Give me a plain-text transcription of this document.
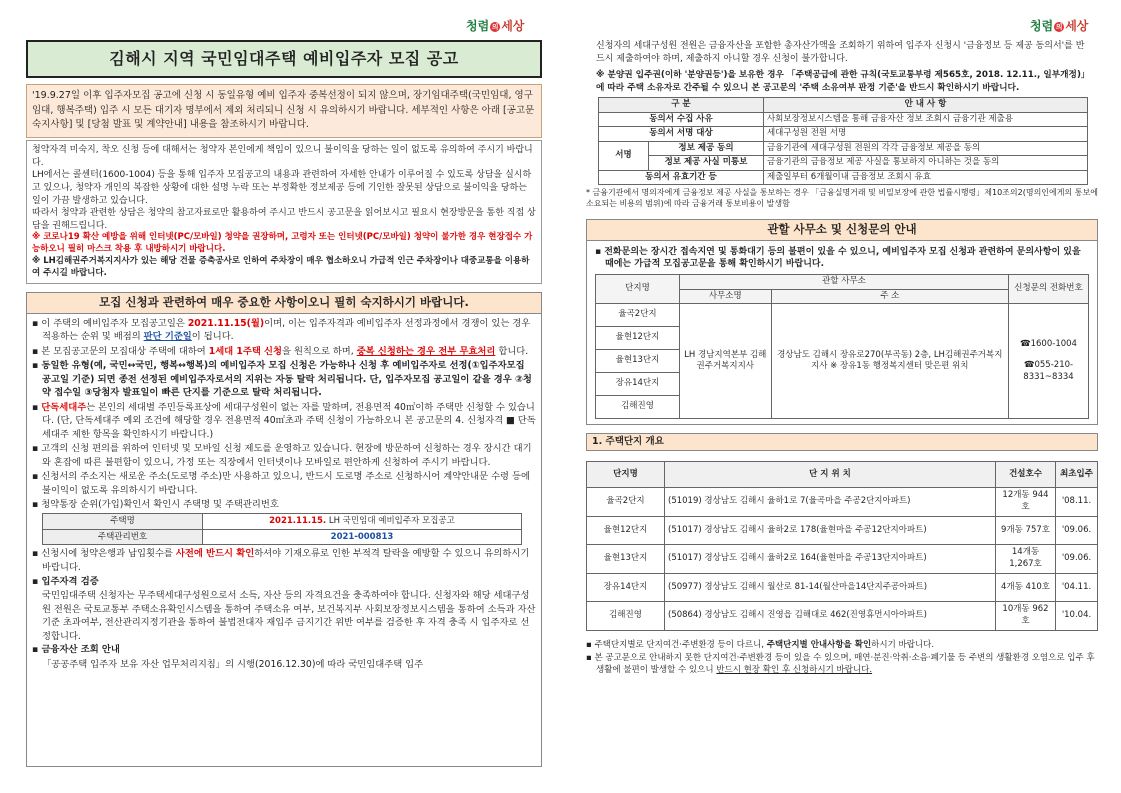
청렴 의 세상	청렴 의 세상
김해시 지역 국민임대주택 예비입주자 모집 공고
'19.9.27일 이후 입주자모집 공고에 신청 시 동일유형 예비 입주자 중복선정이 되지 않으며, 장기임대주택(국민임대, 영구임대, 행복주택) 입주 시 모든 대기자 명부에서 제외 처리되니 신청 시 유의하시기 바랍니다. 세부적인 사항은 아래 [공고문 숙지사항] 및 [당첨 발표 및 계약안내] 내용을 참조하시기 바랍니다.
청약자격 미숙지, 착오 신청 등에 대해서는 청약자 본인에게 책임이 있으니 불이익을 당하는 일이 없도록 유의하여 주시기 바랍니다.
LH에서는 콜센터(1600-1004) 등을 통해 입주자 모집공고의 내용과 관련하여 자세한 안내가 이루어질 수 있도록 상담을 실시하고 있으나, 청약자 개인의 복잡한 상황에 대한 설명 누락 또는 부정확한 정보제공 등에 기인한 잘못된 상담으로 불이익을 당하는 일이 가끔 발생하고 있습니다.
따라서 청약과 관련한 상담은 청약의 참고자료로만 활용하여 주시고 반드시 공고문을 읽어보시고 필요시 현장방문을 통한 직접 상담을 권해드립니다.
※ 코로나19 확산 예방을 위해 인터넷(PC/모바일) 청약을 권장하며, 고령자 또는 인터넷(PC/모바일) 청약이 불가한 경우 현장접수 가능하오니 필히 마스크 착용 후 내방하시기 바랍니다.
※ LH김해권주거복지지사가 있는 해당 건물 증축공사로 인하여 주차장이 매우 협소하오니 가급적 인근 주차장이나 대중교통을 이용하여 주시길 바랍니다.
모집 신청과 관련하여 매우 중요한 사항이오니 필히 숙지하시기 바랍니다.
▪ 이 주택의 예비입주자 모집공고일은 2021.11.15(월)이며, 이는 입주자격과 예비입주자 선정과정에서 경쟁이 있는 경우 적용하는 순위 및 배점의 판단 기준일이 됩니다.
▪ 본 모집공고문의 모집대상 주택에 대하여 1세대 1주택 신청을 원칙으로 하며, 중복 신청하는 경우 전부 무효처리 합니다.
▪ 동일한 유형(예, 국민↔국민, 행복↔행복)의 예비입주자 모집 신청은 가능하나 신청 후 예비입주자로 선정(①입주자모집 공고일 기준) 되면 종전 선정된 예비입주자로서의 지위는 자동 탈락 처리됩니다. 단, 입주자모집 공고일이 같을 경우 ②청약 접수일 ③당첨자 발표일이 빠른 단지를 기준으로 탈락 처리됩니다.
▪ 단독세대주는 본인의 세대별 주민등록표상에 세대구성원이 없는 자를 말하며, 전용면적 40㎡이하 주택만 신청할 수 있습니다. (단, 단독세대주 예외 조건에 해당할 경우 전용면적 40㎡초과 주택 신청이 가능하오니 본 공고문의 4. 신청자격 ■ 단독세대주 제한 항목을 확인하시기 바랍니다.)
▪ 고객의 신청 편의를 위하여 인터넷 및 모바일 신청 제도를 운영하고 있습니다. 현장에 방문하여 신청하는 경우 장시간 대기와 혼잡에 따른 불편함이 있으니, 가정 또는 직장에서 인터넷이나 모바일로 편안하게 신청하여 주시기 바랍니다.
▪ 신청서의 주소지는 새로운 주소(도로명 주소)만 사용하고 있으니, 반드시 도로명 주소로 신청하시어 계약안내문 수령 등에 불이익이 없도록 유의하시기 바랍니다.
▪ 청약통장 순위(가입)확인서 확인시 주택명 및 주택관리번호
주택명	2021.11.15. LH 국민임대 예비입주자 모집공고
주택관리번호	2021-000813
▪ 신청시에 청약은행과 납입횟수를 사전에 반드시 확인하셔야 기재오류로 인한 부적격 탈락을 예방할 수 있으니 유의하시기 바랍니다.
▪ 입주자격 검증
국민임대주택 신청자는 무주택세대구성원으로서 소득, 자산 등의 자격요건을 충족하여야 합니다. 신청자와 해당 세대구성원 전원은 국토교통부 주택소유확인시스템을 통하여 주택소유 여부, 보건복지부 사회보장정보시스템을 통하여 소득과 자산기준 초과여부, 전산관리지정기관을 통하여 불법전대자 재입주 금지기간 위반 여부를 검증한 후 자격 충족 시 입주자로 선정합니다.
▪ 금융자산 조회 안내
「공공주택 입주자 보유 자산 업무처리지침」의 시행(2016.12.30)에 따라 국민임대주택 입주
신청자의 세대구성원 전원은 금융자산을 포함한 총자산가액을 조회하기 위하여 입주자 신청시 '금융정보 등 제공 동의서'를 반드시 제출하여야 하며, 제출하지 아니할 경우 신청이 불가합니다.
※ 분양권 입주권(이하 '분양권등')을 보유한 경우 「주택공급에 관한 규칙(국토교통부령 제565호, 2018. 12.11., 일부개정)」에 따라 주택 소유자로 간주될 수 있으니 본 공고문의 '주택 소유여부 판정 기준'을 반드시 확인하시기 바랍니다.
구 분		안 내 사 항
동의서 수집 사유		사회보장정보시스템을 통해 금융자산 정보 조회시 금융기관 제출용
동의서 서명 대상		세대구성원 전원 서명
서명	정보 제공 동의	금융기관에 세대구성원 전원의 각각 금융정보 제공을 동의
	정보 제공 사실 미통보	금융기관의 금융정보 제공 사실을 통보하지 아니하는 것을 동의
동의서 유효기간 등		제출일부터 6개월이내 금융정보 조회시 유효
* 금융기관에서 명의자에게 금융정보 제공 사실을 통보하는 경우 「금융실명거래 및 비밀보장에 관한 법률시행령」제10조의2(명의인에게의 통보에 소요되는 비용의 범위)에 따라 금융거래 통보비용이 발생함
관할 사무소 및 신청문의 안내
▪ 전화문의는 장시간 접속지연 및 통화대기 등의 불편이 있을 수 있으니, 예비입주자 모집 신청과 관련하여 문의사항이 있을 때에는 가급적 모집공고문을 통해 확인하시기 바랍니다.
단지명	관할 사무소		신청문의 전화번호
	사무소명	주 소	
율곡2단지	LH 경남지역본부 김해권주거복지지사	경상남도 김해시 장유로270(부곡동) 2층, LH김해권주거복지지사 ※ 장유1동 행정복지센터 맞은편 위치	☎1600-1004
☎055-210-8331~8334

율현12단지			
율현13단지			
장유14단지			
김해진영			
1. 주택단지 개요
단지명	단 지 위 치	건설호수	최초입주
율곡2단지	(51019) 경상남도 김해시 율하1로 7(율곡마을 주공2단지아파트)	12개동 944호	'08.11.
율현12단지	(51017) 경상남도 김해시 율하2로 178(율현마을 주공12단지아파트)	9개동 757호	'09.06.
율현13단지	(51017) 경상남도 김해시 율하2로 164(율현마을 주공13단지아파트)	14개동 1,267호	'09.06.
장유14단지	(50977) 경상남도 김해시 월산로 81-14(월산마을14단지주공아파트)	4개동 410호	'04.11.
김해진영	(50864) 경상남도 김해시 진영읍 김해대로 462(진영휴먼시아아파트)	10개동 962호	'10.04.
▪ 주택단지별로 단지여건·주변환경 등이 다르니, 주택단지별 안내사항을 확인하시기 바랍니다.
▪ 본 공고문으로 안내하지 못한 단지여건·주변환경 등이 있을 수 있으며, 매연·분진·악취·소음·폐기물 등 주변의 생활환경 오염으로 입주 후 생활에 불편이 발생할 수 있으니 반드시 현장 확인 후 신청하시기 바랍니다.
